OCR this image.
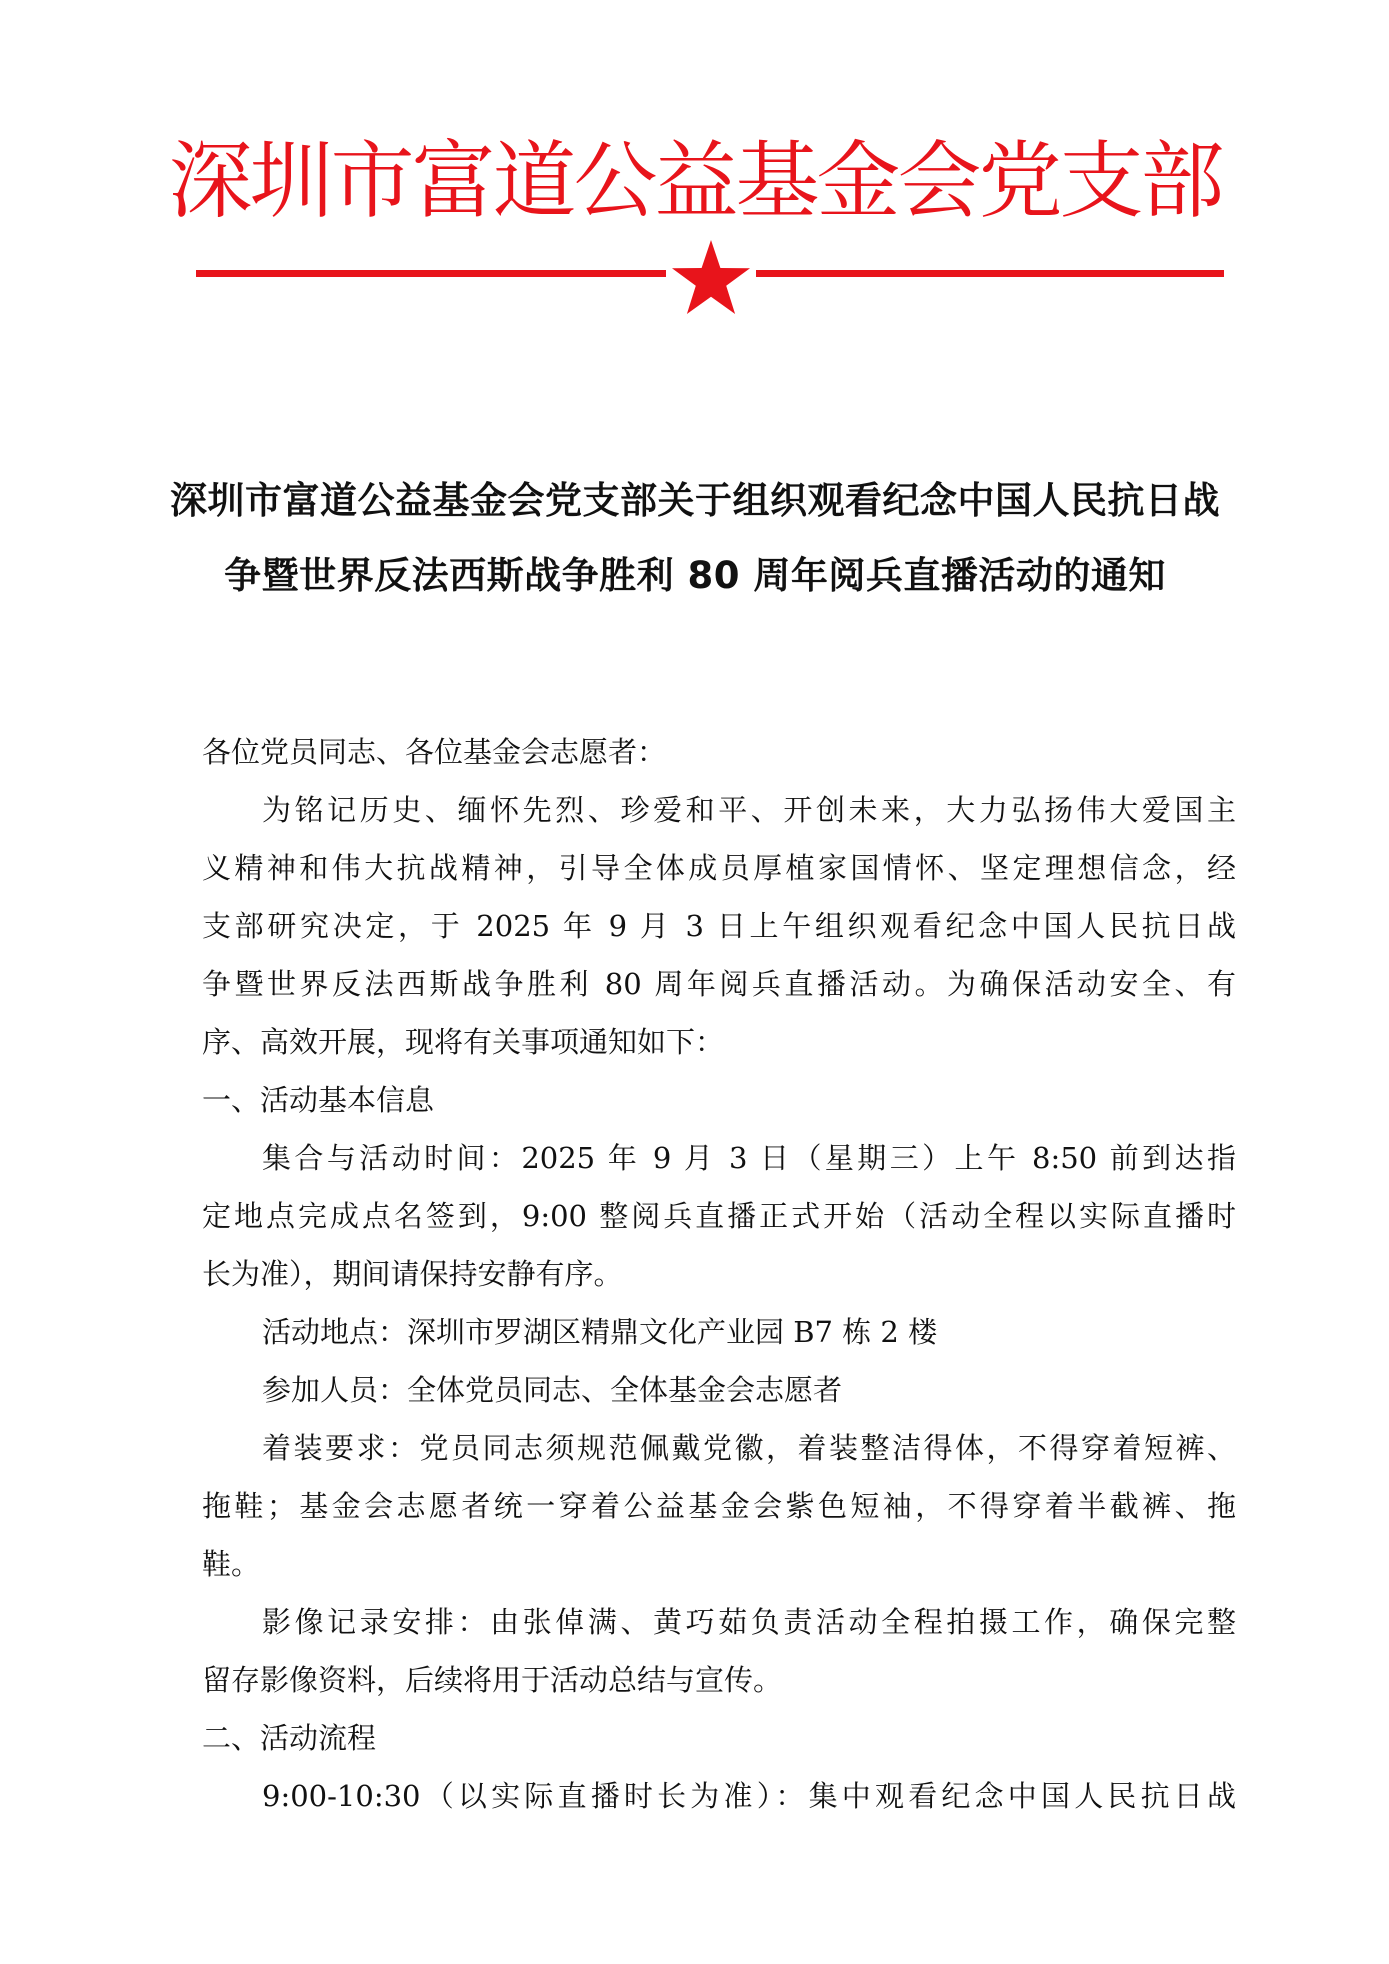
深圳市富道公益基金会党支部
深圳市富道公益基金会党支部关于组织观看纪念中国人民抗日战
争暨世界反法西斯战争胜利 80 周年阅兵直播活动的通知
各位党员同志、各位基金会志愿者：
为铭记历史、缅怀先烈、珍爱和平、开创未来，大力弘扬伟大爱国主
义精神和伟大抗战精神，引导全体成员厚植家国情怀、坚定理想信念，经
支部研究决定，于 2025 年 9 月 3 日上午组织观看纪念中国人民抗日战
争暨世界反法西斯战争胜利 80 周年阅兵直播活动。为确保活动安全、有
序、高效开展，现将有关事项通知如下：
一、活动基本信息
集合与活动时间：2025 年 9 月 3 日（星期三）上午 8:50 前到达指
定地点完成点名签到，9:00 整阅兵直播正式开始（活动全程以实际直播时
长为准），期间请保持安静有序。
活动地点：深圳市罗湖区精鼎文化产业园 B7 栋 2 楼
参加人员：全体党员同志、全体基金会志愿者
着装要求：党员同志须规范佩戴党徽，着装整洁得体，不得穿着短裤、
拖鞋；基金会志愿者统一穿着公益基金会紫色短袖，不得穿着半截裤、拖
鞋。
影像记录安排：由张倬满、黄巧茹负责活动全程拍摄工作，确保完整
留存影像资料，后续将用于活动总结与宣传。
二、活动流程
9:00-10:30（以实际直播时长为准）：集中观看纪念中国人民抗日战
